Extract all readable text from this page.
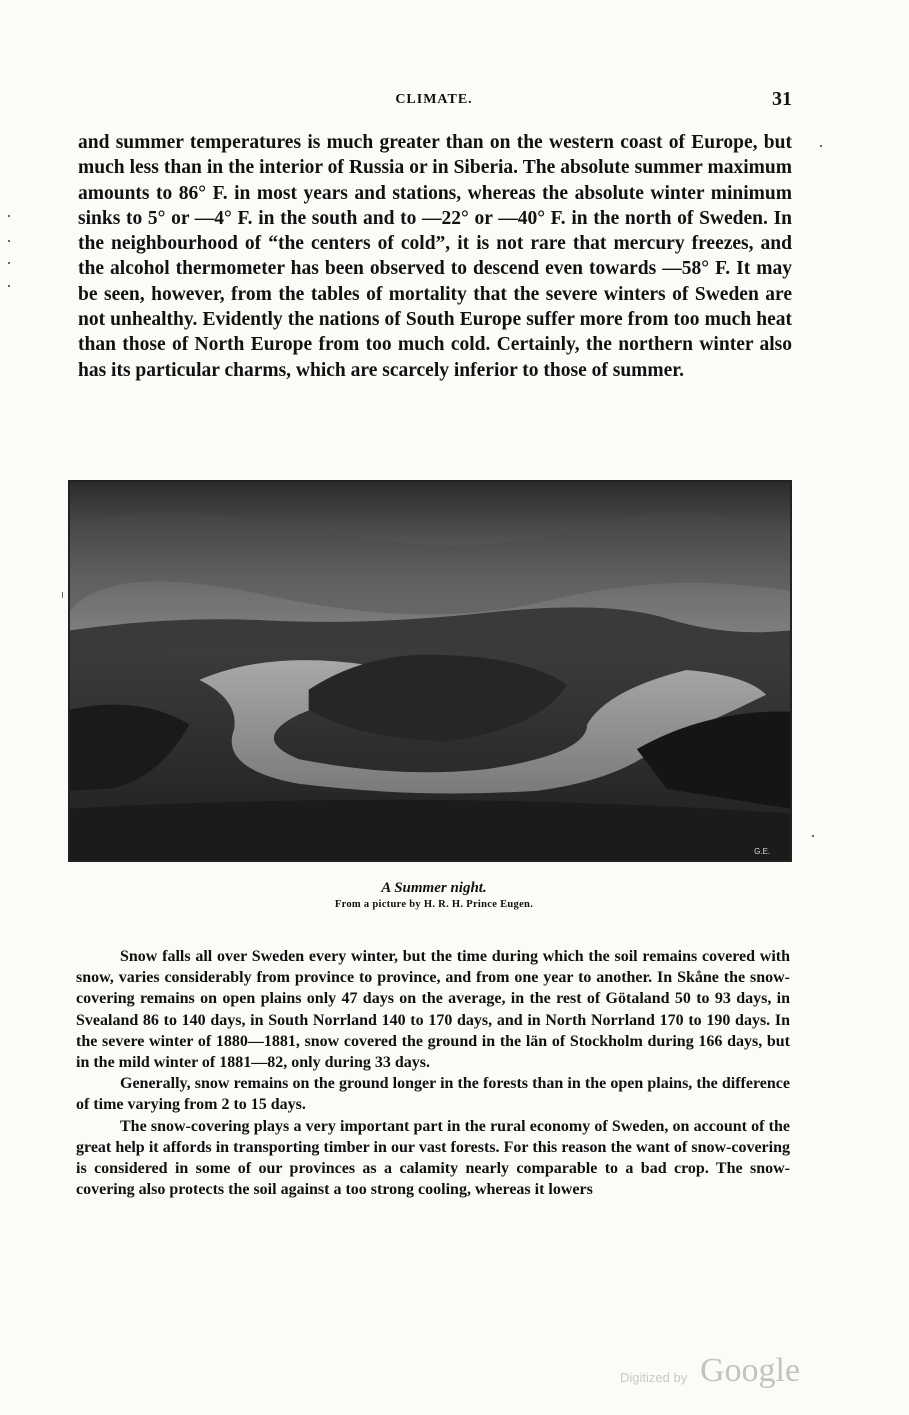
CLIMATE.	31

and summer temperatures is much greater than on the western coast of Europe, but much less than in the interior of Russia or in Siberia. The absolute summer maximum amounts to 86° F. in most years and stations, whereas the absolute winter minimum sinks to 5° or —4° F. in the south and to —22° or —40° F. in the north of Sweden. In the neighbourhood of “the centers of cold”, it is not rare that mercury freezes, and the alcohol thermometer has been observed to descend even towards —58° F. It may be seen, however, from the tables of mortality that the severe winters of Sweden are not unhealthy. Evidently the nations of South Europe suffer more from too much heat than those of North Europe from too much cold. Certainly, the northern winter also has its particular charms, which are scarcely inferior to those of summer.

G.E.
A Summer night.
From a picture by H. R. H. Prince Eugen.

Snow falls all over Sweden every winter, but the time during which the soil remains covered with snow, varies considerably from province to province, and from one year to another. In Skåne the snow-covering remains on open plains only 47 days on the average, in the rest of Götaland 50 to 93 days, in Svealand 86 to 140 days, in South Norrland 140 to 170 days, and in North Norrland 170 to 190 days. In the severe winter of 1880—1881, snow covered the ground in the län of Stockholm during 166 days, but in the mild winter of 1881—82, only during 33 days.

Generally, snow remains on the ground longer in the forests than in the open plains, the difference of time varying from 2 to 15 days.

The snow-covering plays a very important part in the rural economy of Sweden, on account of the great help it affords in transporting timber in our vast forests. For this reason the want of snow-covering is considered in some of our provinces as a calamity nearly comparable to a bad crop. The snow-covering also protects the soil against a too strong cooling, whereas it lowers

Digitized by Google
